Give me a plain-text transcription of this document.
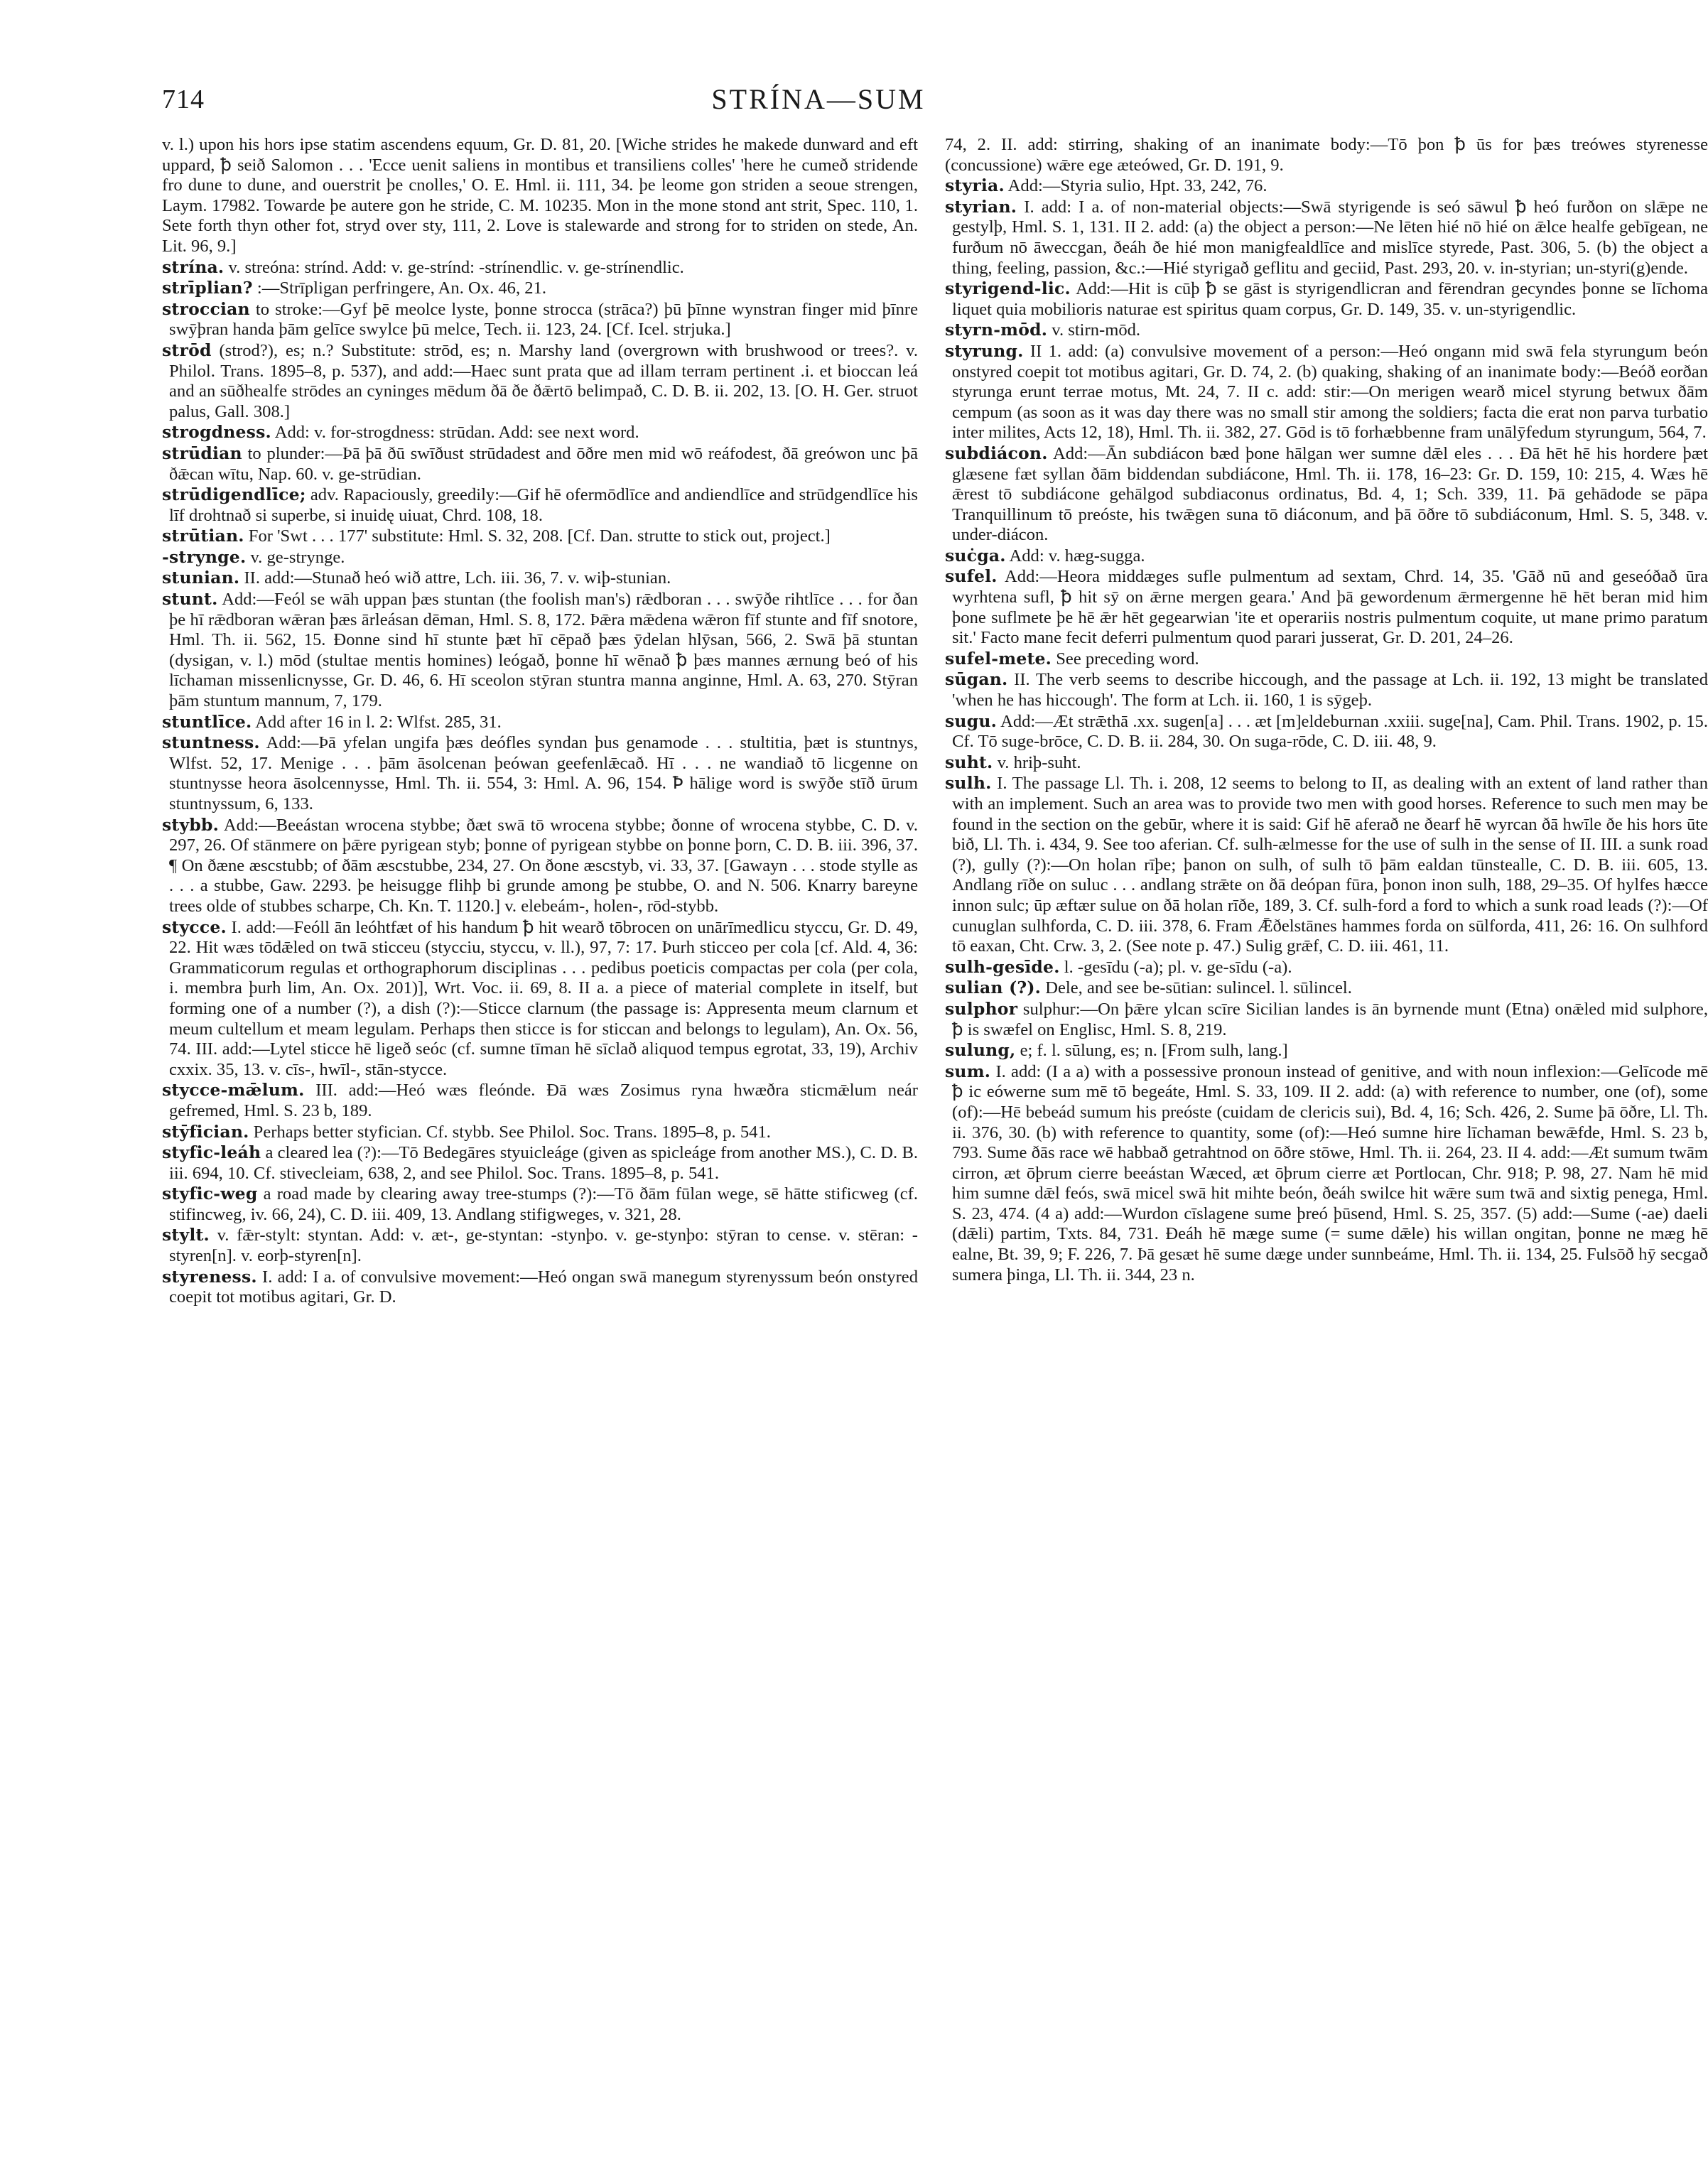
714	STRÍNA—SUM

v. l.) upon his hors ipse statim ascendens equum, Gr. D. 81, 20. [Wiche strides he makede dunward and eft uppard, ꝥ seið Salomon . . . 'Ecce uenit saliens in montibus et transiliens colles' 'here he cumeð stridende fro dune to dune, and ouerstrit þe cnolles,' O. E. Hml. ii. 111, 34. þe leome gon striden a seoue strengen, Laym. 17982. Towarde þe autere gon he stride, C. M. 10235. Mon in the mone stond ant strit, Spec. 110, 1. Sete forth thyn other fot, stryd over sty, 111, 2. Love is stalewarde and strong for to striden on stede, An. Lit. 96, 9.]

strína. v. streóna: strínd. Add: v. ge-strínd: -strínendlic. v. ge-strínendlic.

strīplian? :—Strīpligan perfringere, An. Ox. 46, 21.

stroccian to stroke:—Gyf þē meolce lyste, þonne strocca (strāca?) þū þīnne wynstran finger mid þīnre swȳþran handa þām gelīce swylce þū melce, Tech. ii. 123, 24. [Cf. Icel. strjuka.]

strōd (strod?), es; n.? Substitute: strōd, es; n. Marshy land (overgrown with brushwood or trees?. v. Philol. Trans. 1895–8, p. 537), and add:—Haec sunt prata que ad illam terram pertinent .i. et bioccan leá and an sūðhealfe strōdes an cyninges mēdum ðā ðe ðǣrtō belimpað, C. D. B. ii. 202, 13. [O. H. Ger. struot palus, Gall. 308.]

strogdness. Add: v. for-strogdness: strūdan. Add: see next word.

strūdian to plunder:—Þā þā ðū swīðust strūdadest and ōðre men mid wō reáfodest, ðā greówon unc þā ðǣcan wītu, Nap. 60. v. ge-strūdian.

strūdigendlīce; adv. Rapaciously, greedily:—Gif hē ofermōdlīce and andiendlīce and strūdgendlīce his līf drohtnað si superbe, si inuidę uiuat, Chrd. 108, 18.

strūtian. For 'Swt . . . 177' substitute: Hml. S. 32, 208. [Cf. Dan. strutte to stick out, project.]

-strynge. v. ge-strynge.

stunian. II. add:—Stunað heó wið attre, Lch. iii. 36, 7. v. wiþ-stunian.

stunt. Add:—Feól se wāh uppan þæs stuntan (the foolish man's) rǣdboran . . . swȳðe rihtlīce . . . for ðan þe hī rǣdboran wǣran þæs ārleásan dēman, Hml. S. 8, 172. Þǣra mǣdena wǣron fīf stunte and fīf snotore, Hml. Th. ii. 562, 15. Ðonne sind hī stunte þæt hī cēpað þæs ȳdelan hlȳsan, 566, 2. Swā þā stuntan (dysigan, v. l.) mōd (stultae mentis homines) leógað, þonne hī wēnað ꝥ þæs mannes ærnung beó of his līchaman missenlicnysse, Gr. D. 46, 6. Hī sceolon stȳran stuntra manna anginne, Hml. A. 63, 270. Stȳran þām stuntum mannum, 7, 179.

stuntlīce. Add after 16 in l. 2: Wlfst. 285, 31.

stuntness. Add:—Þā yfelan ungifa þæs deófles syndan þus genamode . . . stultitia, þæt is stuntnys, Wlfst. 52, 17. Menige . . . þām āsolcenan þeówan geefenlǣcað. Hī . . . ne wandiað tō licgenne on stuntnysse heora āsolcennysse, Hml. Th. ii. 554, 3: Hml. A. 96, 154. Ꝥ hālige word is swȳðe stīð ūrum stuntnyssum, 6, 133.

stybb. Add:—Beeástan wrocena stybbe; ðæt swā tō wrocena stybbe; ðonne of wrocena stybbe, C. D. v. 297, 26. Of stānmere on þǣre pyrigean styb; þonne of pyrigean stybbe on þonne þorn, C. D. B. iii. 396, 37. ¶ On ðæne æscstubb; of ðām æscstubbe, 234, 27. On ðone æscstyb, vi. 33, 37. [Gawayn . . . stode stylle as . . . a stubbe, Gaw. 2293. þe heisugge flihþ bi grunde among þe stubbe, O. and N. 506. Knarry bareyne trees olde of stubbes scharpe, Ch. Kn. T. 1120.] v. elebeám-, holen-, rōd-stybb.

stycce. I. add:—Feóll ān leóhtfæt of his handum ꝥ hit wearð tōbrocen on unārīmedlicu styccu, Gr. D. 49, 22. Hit wæs tōdǣled on twā sticceu (stycciu, styccu, v. ll.), 97, 7: 17. Þurh sticceo per cola [cf. Ald. 4, 36: Grammaticorum regulas et orthographorum disciplinas . . . pedibus poeticis compactas per cola (per cola, i. membra þurh lim, An. Ox. 201)], Wrt. Voc. ii. 69, 8. II a. a piece of material complete in itself, but forming one of a number (?), a dish (?):—Sticce clarnum (the passage is: Appresenta meum clarnum et meum cultellum et meam legulam. Perhaps then sticce is for sticcan and belongs to legulam), An. Ox. 56, 74. III. add:—Lytel sticce hē ligeð seóc (cf. sumne tīman hē sīclað aliquod tempus egrotat, 33, 19), Archiv cxxix. 35, 13. v. cīs-, hwīl-, stān-stycce.

stycce-mǣlum. III. add:—Heó wæs fleónde. Ðā wæs Zosimus ryna hwæðra sticmǣlum neár gefremed, Hml. S. 23 b, 189.

stȳfician. Perhaps better styfician. Cf. stybb. See Philol. Soc. Trans. 1895–8, p. 541.

styfic-leáh a cleared lea (?):—Tō Bedegāres styuicleáge (given as spicleáge from another MS.), C. D. B. iii. 694, 10. Cf. stivecleiam, 638, 2, and see Philol. Soc. Trans. 1895–8, p. 541.

styfic-weg a road made by clearing away tree-stumps (?):—Tō ðām fūlan wege, sē hātte stificweg (cf. stifincweg, iv. 66, 24), C. D. iii. 409, 13. Andlang stifigweges, v. 321, 28.

stylt. v. fǣr-stylt: styntan. Add: v. æt-, ge-styntan: -stynþo. v. ge-stynþo: stȳran to cense. v. stēran: -styren[n]. v. eorþ-styren[n].

styreness. I. add: I a. of convulsive movement:—Heó ongan swā manegum styrenyssum beón onstyred coepit tot motibus agitari, Gr. D.

74, 2. II. add: stirring, shaking of an inanimate body:—Tō þon ꝥ ūs for þæs treówes styrenesse (concussione) wǣre ege æteówed, Gr. D. 191, 9.

styria. Add:—Styria sulio, Hpt. 33, 242, 76.

styrian. I. add: I a. of non-material objects:—Swā styrigende is seó sāwul ꝥ heó furðon on slǣpe ne gestylþ, Hml. S. 1, 131. II 2. add: (a) the object a person:—Ne lēten hié nō hié on ǣlce healfe gebīgean, ne furðum nō āweccgan, ðeáh ðe hié mon manigfealdlīce and mislīce styrede, Past. 306, 5. (b) the object a thing, feeling, passion, &c.:—Hié styrigað geflitu and geciid, Past. 293, 20. v. in-styrian; un-styri(g)ende.

styrigend-lic. Add:—Hit is cūþ ꝥ se gāst is styrigendlicran and fērendran gecyndes þonne se līchoma liquet quia mobilioris naturae est spiritus quam corpus, Gr. D. 149, 35. v. un-styrigendlic.

styrn-mōd. v. stirn-mōd.

styrung. II 1. add: (a) convulsive movement of a person:—Heó ongann mid swā fela styrungum beón onstyred coepit tot motibus agitari, Gr. D. 74, 2. (b) quaking, shaking of an inanimate body:—Beóð eorðan styrunga erunt terrae motus, Mt. 24, 7. II c. add: stir:—On merigen wearð micel styrung betwux ðām cempum (as soon as it was day there was no small stir among the soldiers; facta die erat non parva turbatio inter milites, Acts 12, 18), Hml. Th. ii. 382, 27. Gōd is tō forhæbbenne fram unālȳfedum styrungum, 564, 7.

subdiácon. Add:—Ān subdiácon bæd þone hālgan wer sumne dǣl eles . . . Ðā hēt hē his hordere þæt glæsene fæt syllan ðām biddendan subdiácone, Hml. Th. ii. 178, 16–23: Gr. D. 159, 10: 215, 4. Wæs hē ǣrest tō subdiácone gehālgod subdiaconus ordinatus, Bd. 4, 1; Sch. 339, 11. Þā gehādode se pāpa Tranquillinum tō preóste, his twǣgen suna tō diáconum, and þā ōðre tō subdiáconum, Hml. S. 5, 348. v. under-diácon.

suċga. Add: v. hæg-sugga.

sufel. Add:—Heora middæges sufle pulmentum ad sextam, Chrd. 14, 35. 'Gāð nū and geseóðað ūra wyrhtena sufl, ꝥ hit sȳ on ǣrne mergen geara.' And þā gewordenum ǣrmergenne hē hēt beran mid him þone suflmete þe hē ǣr hēt gegearwian 'ite et operariis nostris pulmentum coquite, ut mane primo paratum sit.' Facto mane fecit deferri pulmentum quod parari jusserat, Gr. D. 201, 24–26.

sufel-mete. See preceding word.

sūgan. II. The verb seems to describe hiccough, and the passage at Lch. ii. 192, 13 might be translated 'when he has hiccough'. The form at Lch. ii. 160, 1 is sȳgeþ.

sugu. Add:—Æt strǣthā .xx. sugen[a] . . . æt [m]eldeburnan .xxiii. suge[na], Cam. Phil. Trans. 1902, p. 15. Cf. Tō suge-brōce, C. D. B. ii. 284, 30. On suga-rōde, C. D. iii. 48, 9.

suht. v. hriþ-suht.

sulh. I. The passage Ll. Th. i. 208, 12 seems to belong to II, as dealing with an extent of land rather than with an implement. Such an area was to provide two men with good horses. Reference to such men may be found in the section on the gebūr, where it is said: Gif hē aferað ne ðearf hē wyrcan ðā hwīle ðe his hors ūte bið, Ll. Th. i. 434, 9. See too aferian. Cf. sulh-ælmesse for the use of sulh in the sense of II. III. a sunk road (?), gully (?):—On holan rīþe; þanon on sulh, of sulh tō þām ealdan tūnstealle, C. D. B. iii. 605, 13. Andlang rīðe on suluc . . . andlang strǣte on ðā deópan fūra, þonon inon sulh, 188, 29–35. Of hylfes hæcce innon sulc; ūp æftær sulue on ðā holan rīðe, 189, 3. Cf. sulh-ford a ford to which a sunk road leads (?):—Of cunuglan sulhforda, C. D. iii. 378, 6. Fram Ǣðelstānes hammes forda on sūlforda, 411, 26: 16. On sulhford tō eaxan, Cht. Crw. 3, 2. (See note p. 47.) Sulig grǣf, C. D. iii. 461, 11.

sulh-gesīde. l. -gesīdu (-a); pl. v. ge-sīdu (-a).

sulian (?). Dele, and see be-sūtian: sulincel. l. sūlincel.

sulphor sulphur:—On þǣre ylcan scīre Sicilian landes is ān byrnende munt (Etna) onǣled mid sulphore, ꝥ is swæfel on Englisc, Hml. S. 8, 219.

sulung, e; f. l. sūlung, es; n. [From sulh, lang.]

sum. I. add: (I a a) with a possessive pronoun instead of genitive, and with noun inflexion:—Gelīcode mē ꝥ ic eówerne sum mē tō begeáte, Hml. S. 33, 109. II 2. add: (a) with reference to number, one (of), some (of):—Hē bebeád sumum his preóste (cuidam de clericis sui), Bd. 4, 16; Sch. 426, 2. Sume þā ōðre, Ll. Th. ii. 376, 30. (b) with reference to quantity, some (of):—Heó sumne hire līchaman bewǣfde, Hml. S. 23 b, 793. Sume ðās race wē habbað getrahtnod on ōðre stōwe, Hml. Th. ii. 264, 23. II 4. add:—Æt sumum twām cirron, æt ōþrum cierre beeástan Wæced, æt ōþrum cierre æt Portlocan, Chr. 918; P. 98, 27. Nam hē mid him sumne dǣl feós, swā micel swā hit mihte beón, ðeáh swilce hit wǣre sum twā and sixtig penega, Hml. S. 23, 474. (4 a) add:—Wurdon cīslagene sume þreó þūsend, Hml. S. 25, 357. (5) add:—Sume (-ae) daeli (dǣli) partim, Txts. 84, 731. Ðeáh hē mæge sume (= sume dǣle) his willan ongitan, þonne ne mæg hē ealne, Bt. 39, 9; F. 226, 7. Þā gesæt hē sume dæge under sunnbeáme, Hml. Th. ii. 134, 25. Fulsōð hȳ secgað sumera þinga, Ll. Th. ii. 344, 23 n.
